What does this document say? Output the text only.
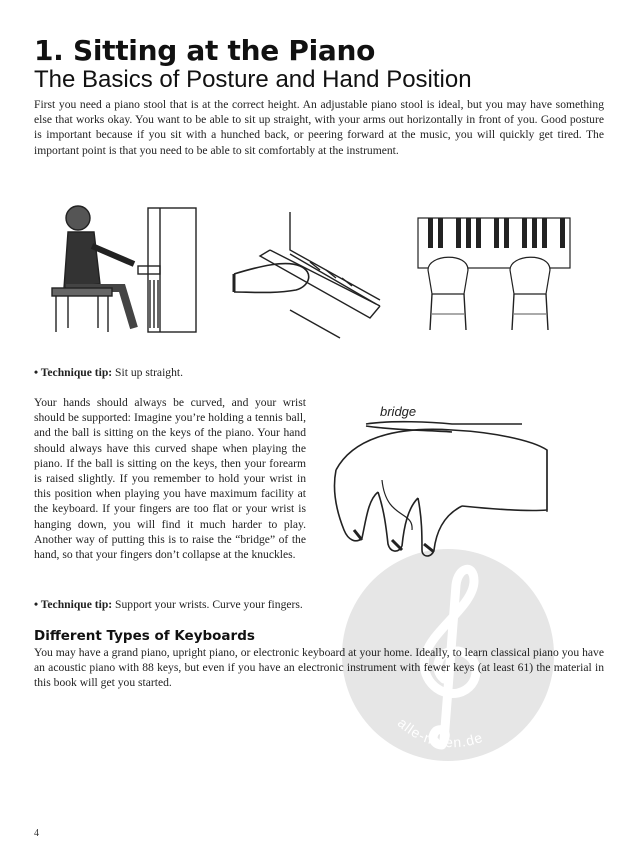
alle-noten.de
1. Sitting at the Piano
The Basics of Posture and Hand Position
First you need a piano stool that is at the correct height. An adjustable piano stool is ideal, but you may have something else that works okay. You want to be able to sit up straight, with your arms out horizontally in front of you. Good posture is important because if you sit with a hunched back, or peering forward at the music, you will quickly get tired. The important point is that you need to be able to sit comfortably at the instrument.
• Technique tip: Sit up straight.
Your hands should always be curved, and your wrist should be supported: Imagine you’re holding a tennis ball, and the ball is sitting on the keys of the piano. Your hand should always have this curved shape when playing the piano. If the ball is sitting on the keys, then your forearm is raised slightly. If you remember to hold your wrist in this position when playing you have maximum facility at the keyboard. If your fingers are too flat or your wrist is hanging down, you will find it much harder to play. Another way of putting this is to raise the “bridge” of the hand, so that your fingers don’t collapse at the knuckles.
bridge
• Technique tip: Support your wrists. Curve your fingers.
Different Types of Keyboards
You may have a grand piano, upright piano, or electronic keyboard at your home. Ideally, to learn classical piano you have an acoustic piano with 88 keys, but even if you have an electronic instrument with fewer keys (at least 61) the material in this book will get you started.
4
